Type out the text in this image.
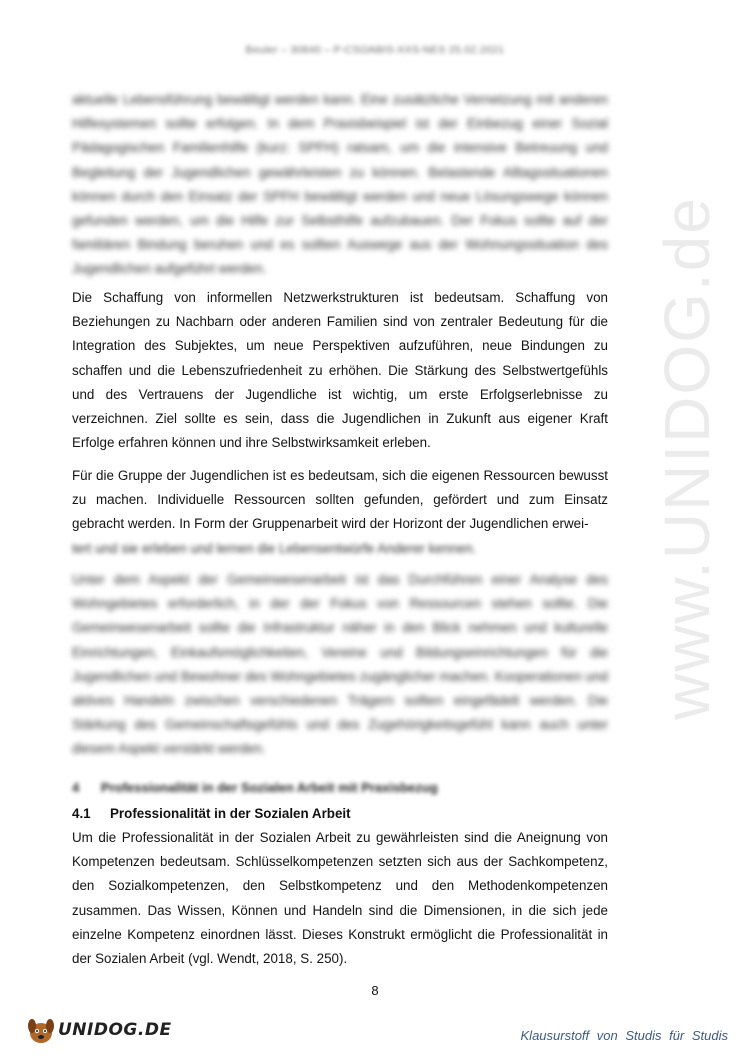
Beuler – 30840 – P-CSOABIS-XXS-NES 25.02.2021
www.UNIDOG.de

aktuelle Lebensführung bewältigt werden kann. Eine zusätzliche Vernetzung mit anderen Hilfesystemen sollte erfolgen. In dem Praxisbeispiel ist der Einbezug einer Sozial Pädagogischen Familienhilfe (kurz: SPFH) ratsam, um die intensive Betreuung und Begleitung der Jugendlichen gewährleisten zu können. Belastende Alltagssituationen können durch den Einsatz der SPFH bewältigt werden und neue Lösungswege können gefunden werden, um die Hilfe zur Selbsthilfe aufzubauen. Der Fokus sollte auf der familiären Bindung beruhen und es sollten Auswege aus der Wohnungssituation des Jugendlichen aufgeführt werden.

Die Schaffung von informellen Netzwerkstrukturen ist bedeutsam. Schaffung von Beziehungen zu Nachbarn oder anderen Familien sind von zentraler Bedeutung für die Integration des Subjektes, um neue Perspektiven aufzuführen, neue Bindungen zu schaffen und die Lebenszufriedenheit zu erhöhen. Die Stärkung des Selbstwertgefühls und des Vertrauens der Jugendliche ist wichtig, um erste Erfolgserlebnisse zu verzeichnen. Ziel sollte es sein, dass die Jugendlichen in Zukunft aus eigener Kraft Erfolge erfahren können und ihre Selbstwirksamkeit erleben.

Für die Gruppe der Jugendlichen ist es bedeutsam, sich die eigenen Ressourcen bewusst zu machen. Individuelle Ressourcen sollten gefunden, gefördert und zum Einsatz gebracht werden. In Form der Gruppenarbeit wird der Horizont der Jugendlichen erwei-

tert und sie erleben und lernen die Lebensentwürfe Anderer kennen.

Unter dem Aspekt der Gemeinwesenarbeit ist das Durchführen einer Analyse des Wohngebietes erforderlich, in der der Fokus von Ressourcen stehen sollte. Die Gemeinwesenarbeit sollte die Infrastruktur näher in den Blick nehmen und kulturelle Einrichtungen, Einkaufsmöglichkeiten, Vereine und Bildungseinrichtungen für die Jugendlichen und Bewohner des Wohngebietes zugänglicher machen. Kooperationen und aktives Handeln zwischen verschiedenen Trägern sollten eingefädelt werden. Die Stärkung des Gemeinschaftsgefühls und des Zugehörigkeitsgefühl kann auch unter diesem Aspekt verstärkt werden.

4      Professionalität in der Sozialen Arbeit mit Praxisbezug
4.1 Professionalität in der Sozialen Arbeit

Um die Professionalität in der Sozialen Arbeit zu gewährleisten sind die Aneignung von Kompetenzen bedeutsam. Schlüsselkompetenzen setzten sich aus der Sachkompetenz, den Sozialkompetenzen, den Selbstkompetenz und den Methodenkompetenzen zusammen. Das Wissen, Können und Handeln sind die Dimensionen, in die sich jede einzelne Kompetenz einordnen lässt. Dieses Konstrukt ermöglicht die Professionalität in der Sozialen Arbeit (vgl. Wendt, 2018, S. 250).

8
UNIDOG.DE	Klausurstoff von Studis für Studis
